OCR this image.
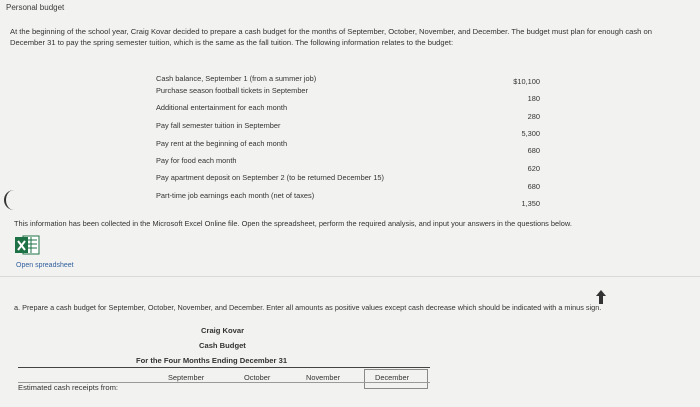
Personal budget
At the beginning of the school year, Craig Kovar decided to prepare a cash budget for the months of September, October, November, and December. The budget must plan for enough cash on December 31 to pay the spring semester tuition, which is the same as the fall tuition. The following information relates to the budget:
Cash balance, September 1 (from a summer job)	$10,100
Purchase season football tickets in September
180
Additional entertainment for each month
280
Pay fall semester tuition in September
5,300
Pay rent at the beginning of each month
680
Pay for food each month
620
Pay apartment deposit on September 2 (to be returned December 15)
680
Part-time job earnings each month (net of taxes)
1,350
This information has been collected in the Microsoft Excel Online file. Open the spreadsheet, perform the required analysis, and input your answers in the questions below.
Open spreadsheet
a. Prepare a cash budget for September, October, November, and December. Enter all amounts as positive values except cash decrease which should be indicated with a minus sign.
Craig Kovar
Cash Budget
For the Four Months Ending December 31
September	October	November	December
Estimated cash receipts from:
